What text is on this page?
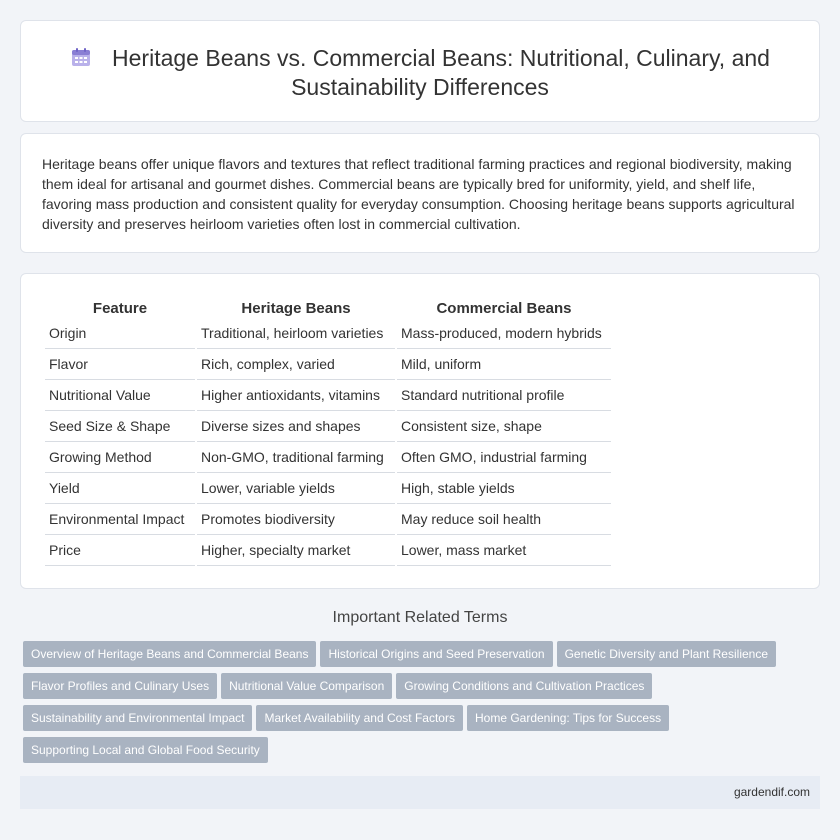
Heritage Beans vs. Commercial Beans: Nutritional, Culinary, and Sustainability Differences

Heritage beans offer unique flavors and textures that reflect traditional farming practices and regional biodiversity, making them ideal for artisanal and gourmet dishes. Commercial beans are typically bred for uniformity, yield, and shelf life, favoring mass production and consistent quality for everyday consumption. Choosing heritage beans supports agricultural diversity and preserves heirloom varieties often lost in commercial cultivation.

Feature	Heritage Beans	Commercial Beans
Origin	Traditional, heirloom varieties	Mass-produced, modern hybrids
Flavor	Rich, complex, varied	Mild, uniform
Nutritional Value	Higher antioxidants, vitamins	Standard nutritional profile
Seed Size & Shape	Diverse sizes and shapes	Consistent size, shape
Growing Method	Non-GMO, traditional farming	Often GMO, industrial farming
Yield	Lower, variable yields	High, stable yields
Environmental Impact	Promotes biodiversity	May reduce soil health
Price	Higher, specialty market	Lower, mass market
Important Related Terms
Overview of Heritage Beans and Commercial Beans Historical Origins and Seed Preservation Genetic Diversity and Plant ResilienceFlavor Profiles and Culinary Uses Nutritional Value Comparison Growing Conditions and Cultivation PracticesSustainability and Environmental Impact Market Availability and Cost Factors Home Gardening: Tips for SuccessSupporting Local and Global Food Security
gardendif.com
